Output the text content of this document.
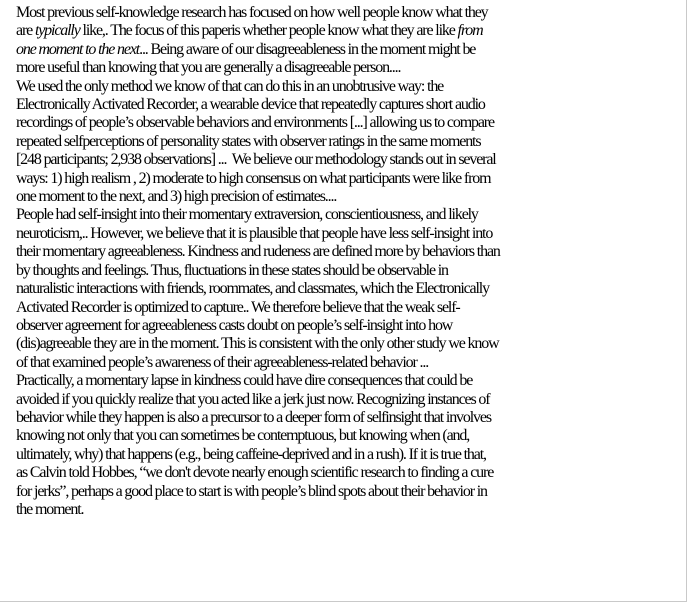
Most previous self-knowledge research has focused on how well people know what they
are typically like,. The focus of this paperis whether people know what they are like from
one moment to the next... Being aware of our disagreeableness in the moment might be
more useful than knowing that you are generally a disagreeable person....

We used the only method we know of that can do this in an unobtrusive way: the
Electronically Activated Recorder, a wearable device that repeatedly captures short audio
recordings of people’s observable behaviors and environments [...] allowing us to compare
repeated selfperceptions of personality states with observer ratings in the same moments
[248 participants; 2,938 observations] ...  We believe our methodology stands out in several
ways: 1) high realism , 2) moderate to high consensus on what participants were like from
one moment to the next, and 3) high precision of estimates....

People had self-insight into their momentary extraversion, conscientiousness, and likely
neuroticism,.. However, we believe that it is plausible that people have less self-insight into
their momentary agreeableness. Kindness and rudeness are defined more by behaviors than
by thoughts and feelings. Thus, fluctuations in these states should be observable in
naturalistic interactions with friends, roommates, and classmates, which the Electronically
Activated Recorder is optimized to capture.. We therefore believe that the weak self-
observer agreement for agreeableness casts doubt on people’s self-insight into how
(dis)agreeable they are in the moment. This is consistent with the only other study we know
of that examined people’s awareness of their agreeableness-related behavior ...

Practically, a momentary lapse in kindness could have dire consequences that could be
avoided if you quickly realize that you acted like a jerk just now. Recognizing instances of
behavior while they happen is also a precursor to a deeper form of selfinsight that involves
knowing not only that you can sometimes be contemptuous, but knowing when (and,
ultimately, why) that happens (e.g., being caffeine-deprived and in a rush). If it is true that,
as Calvin told Hobbes, “we don't devote nearly enough scientific research to finding a cure
for jerks”, perhaps a good place to start is with people’s blind spots about their behavior in
the moment.
